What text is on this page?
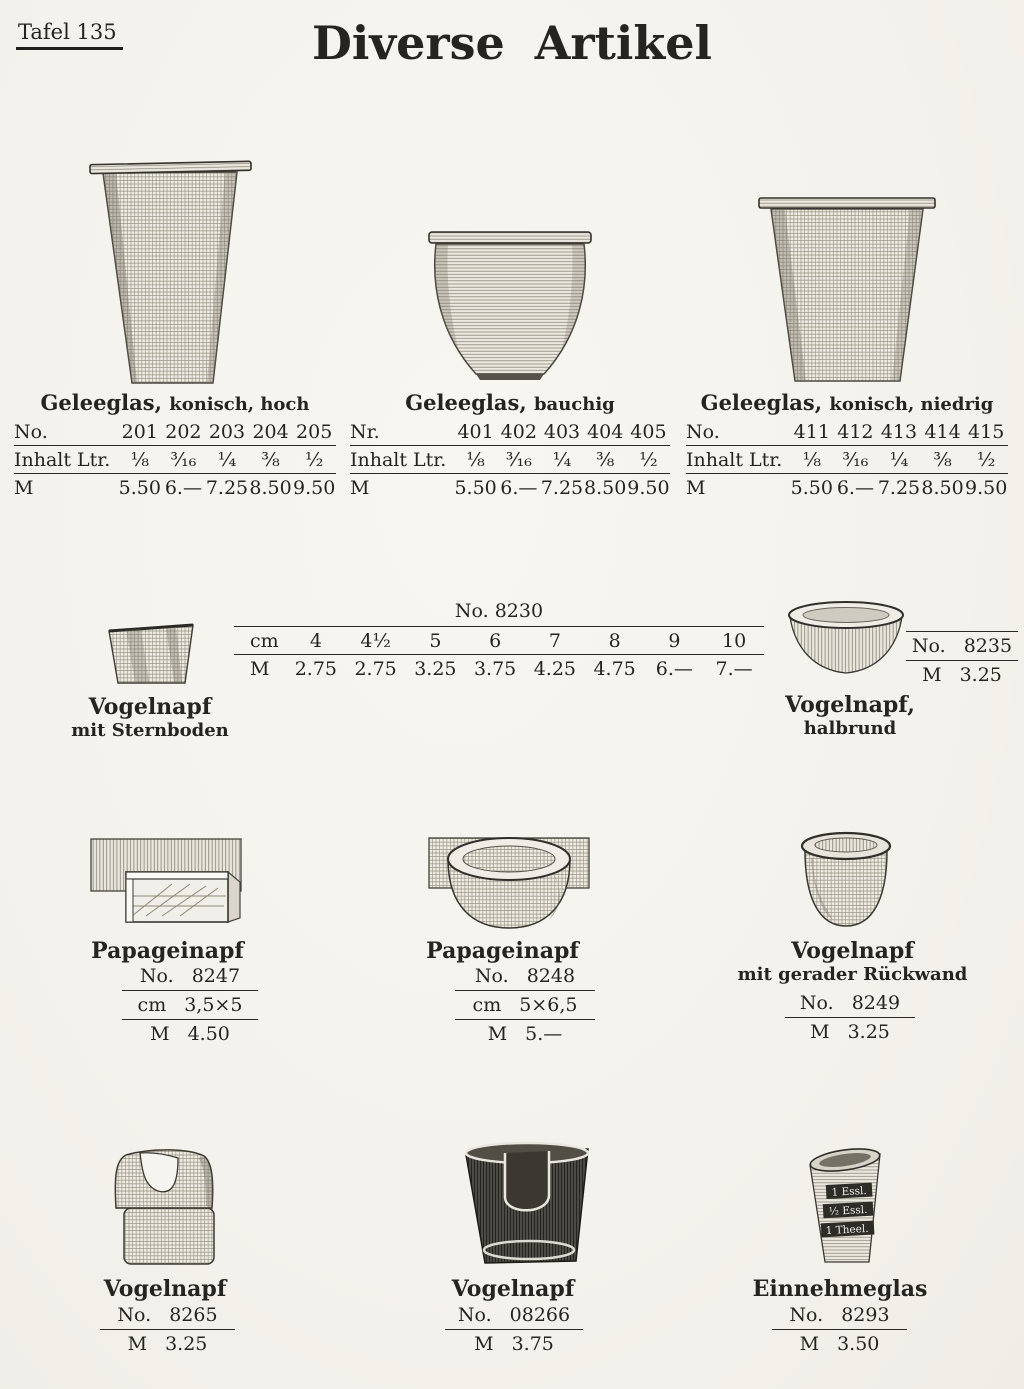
Tafel 135	Diverse Artikel
Geleeglas, konisch, hoch
No.	201 202 203 204 205
Inhalt Ltr.	¹⁄₈	³⁄₁₆	¹⁄₄	³⁄₈	¹⁄₂
M	5.50 6.— 7.25 8.50 9.50
Geleeglas, bauchig
Nr.	401 402 403 404 405
Inhalt Ltr.	¹⁄₈	³⁄₁₆	¹⁄₄	³⁄₈	¹⁄₂
M	5.50 6.— 7.25 8.50 9.50
Geleeglas, konisch, niedrig
No.	411 412 413 414 415
Inhalt Ltr.	¹⁄₈	³⁄₁₆	¹⁄₄	³⁄₈	¹⁄₂
M	5.50 6.— 7.25 8.50 9.50
Vogelnapf
mit Sternboden
No. 8230
cm	4	4¹⁄₂	5	6	7	8	9	10
M	2.75 2.75 3.25 3.75 4.25 4.75	6.—	7.—
No. 8235
M 3.25
Vogelnapf,
halbrund
Papageinapf
No. 8247
cm 3,5×5
M 4.50
Papageinapf
No. 8248
cm 5×6,5
M 5.—
Vogelnapf
mit gerader Rückwand
No. 8249
M 3.25
Vogelnapf
No. 8265
M 3.25
Vogelnapf
No. 08266
M 3.75
1 Essl.
½ Essl.
1 Theel.
Einnehmeglas
No. 8293
M 3.50
